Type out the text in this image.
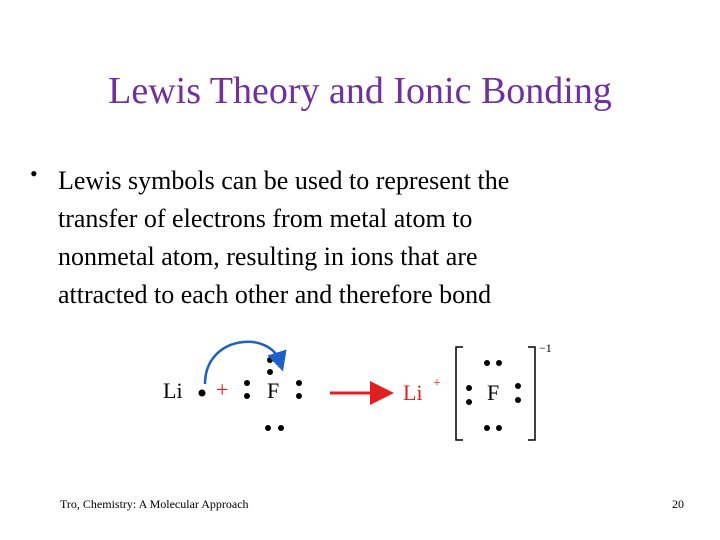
Lewis Theory and Ionic Bonding
• Lewis symbols can be used to represent the
transfer of electrons from metal atom to
nonmetal atom, resulting in ions that are
attracted to each other and therefore bond
Li + F	Li +
−1
F
Tro, Chemistry: A Molecular Approach	20
